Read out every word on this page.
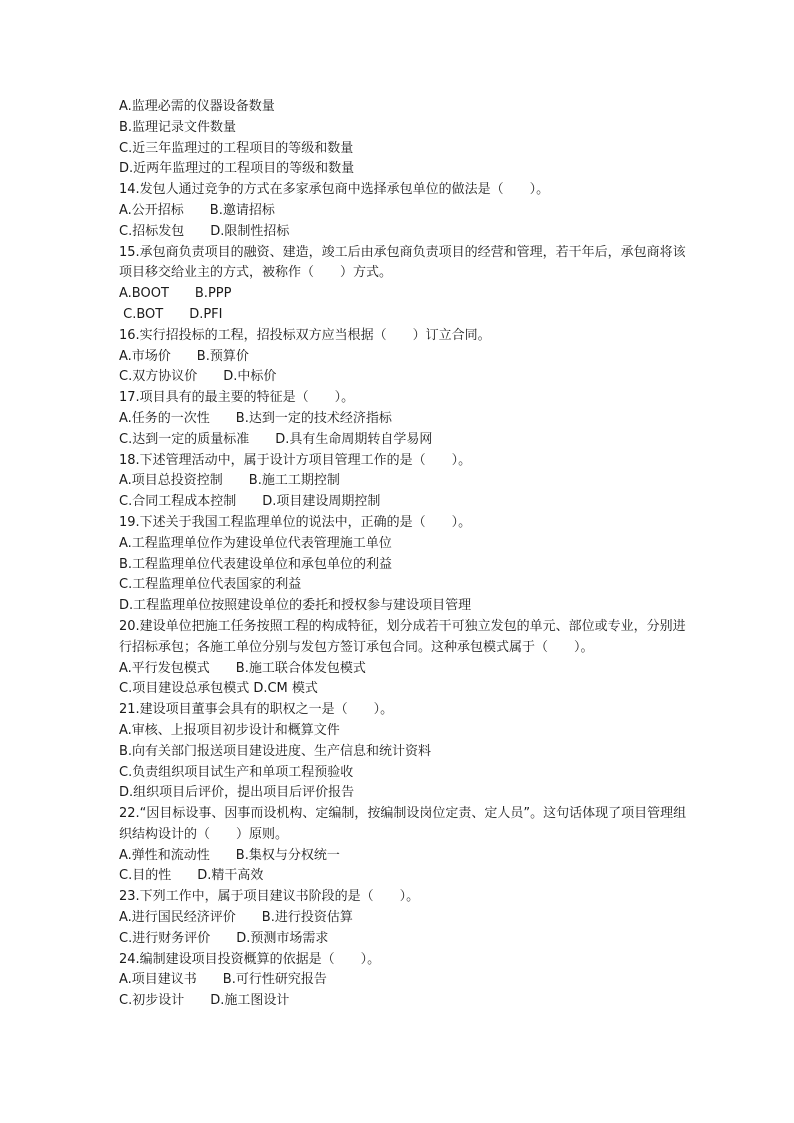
A.监理必需的仪器设备数量
B.监理记录文件数量
C.近三年监理过的工程项目的等级和数量
D.近两年监理过的工程项目的等级和数量
14.发包人通过竞争的方式在多家承包商中选择承包单位的做法是（　　）。
A.公开招标　　B.邀请招标
C.招标发包　　D.限制性招标
15.承包商负责项目的融资、建造，竣工后由承包商负责项目的经营和管理，若干年后，承包商将该项目移交给业主的方式，被称作（　　）方式。
A.BOOT　　B.PPP
C.BOT　　D.PFI
16.实行招投标的工程，招投标双方应当根据（　　）订立合同。
A.市场价　　B.预算价
C.双方协议价　　D.中标价
17.项目具有的最主要的特征是（　　）。
A.任务的一次性　　B.达到一定的技术经济指标
C.达到一定的质量标准　　D.具有生命周期转自学易网
18.下述管理活动中，属于设计方项目管理工作的是（　　）。
A.项目总投资控制　　B.施工工期控制
C.合同工程成本控制　　D.项目建设周期控制
19.下述关于我国工程监理单位的说法中，正确的是（　　）。
A.工程监理单位作为建设单位代表管理施工单位
B.工程监理单位代表建设单位和承包单位的利益
C.工程监理单位代表国家的利益
D.工程监理单位按照建设单位的委托和授权参与建设项目管理
20.建设单位把施工任务按照工程的构成特征，划分成若干可独立发包的单元、部位或专业，分别进行招标承包；各施工单位分别与发包方签订承包合同。这种承包模式属于（　　）。
A.平行发包模式　　B.施工联合体发包模式
C.项目建设总承包模式 D.CM 模式
21.建设项目董事会具有的职权之一是（　　）。
A.审核、上报项目初步设计和概算文件
B.向有关部门报送项目建设进度、生产信息和统计资料
C.负责组织项目试生产和单项工程预验收
D.组织项目后评价，提出项目后评价报告
22.“因目标设事、因事而设机构、定编制，按编制设岗位定责、定人员”。这句话体现了项目管理组织结构设计的（　　）原则。
A.弹性和流动性　　B.集权与分权统一
C.目的性　　D.精干高效
23.下列工作中，属于项目建议书阶段的是（　　）。
A.进行国民经济评价　　B.进行投资估算
C.进行财务评价　　D.预测市场需求
24.编制建设项目投资概算的依据是（　　）。
A.项目建议书　　B.可行性研究报告
C.初步设计　　D.施工图设计
